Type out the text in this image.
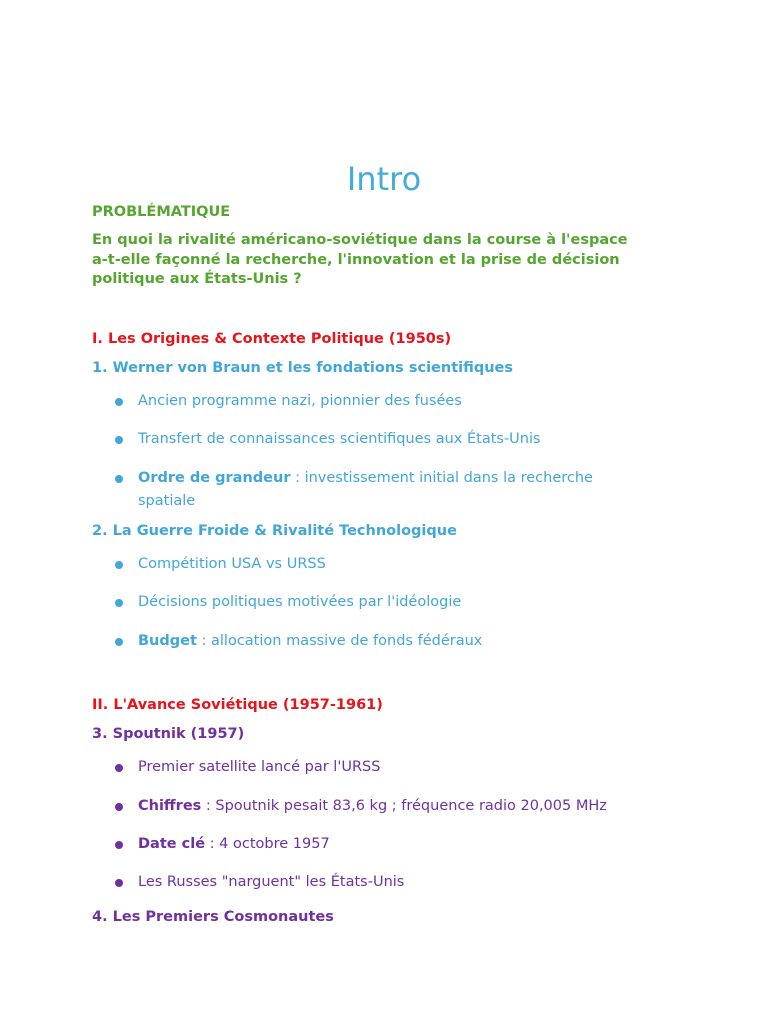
Intro
PROBLÉMATIQUE
En quoi la rivalité américano-soviétique dans la course à l'espace
a-t-elle façonné la recherche, l'innovation et la prise de décision
politique aux États-Unis ?
I. Les Origines & Contexte Politique (1950s)
1. Werner von Braun et les fondations scientifiques
Ancien programme nazi, pionnier des fusées
Transfert de connaissances scientifiques aux États-Unis
Ordre de grandeur : investissement initial dans la recherche spatiale
2. La Guerre Froide & Rivalité Technologique
Compétition USA vs URSS
Décisions politiques motivées par l'idéologie
Budget : allocation massive de fonds fédéraux
II. L'Avance Soviétique (1957-1961)
3. Spoutnik (1957)
Premier satellite lancé par l'URSS
Chiffres : Spoutnik pesait 83,6 kg ; fréquence radio 20,005 MHz
Date clé : 4 octobre 1957
Les Russes "narguent" les États-Unis
4. Les Premiers Cosmonautes
